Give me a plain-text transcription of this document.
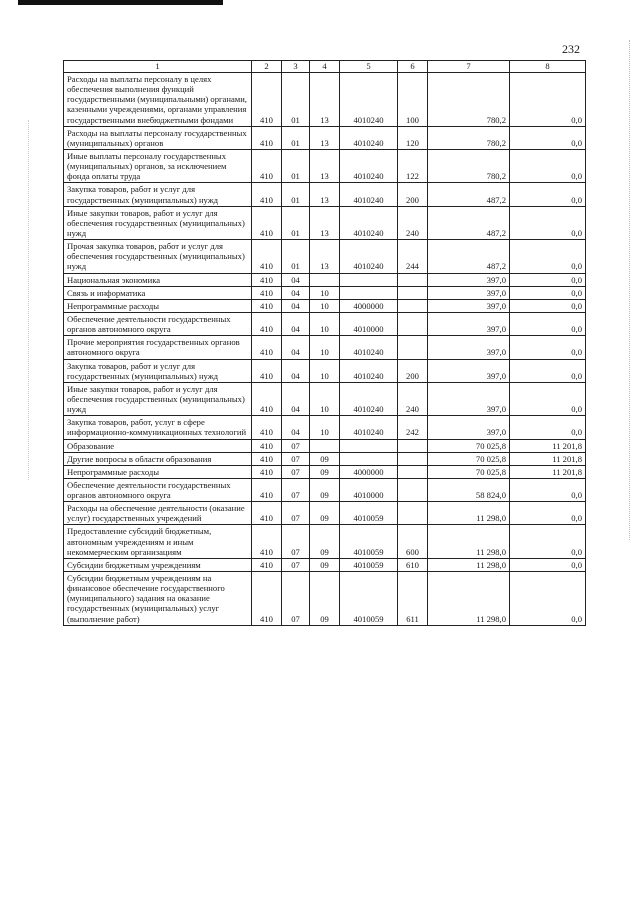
232
1	2	3	4	5	6	7	8
Расходы на выплаты персоналу в целях обеспечения выполнения функций государственными (муниципальными) органами, казенными учреждениями, органами управления государственными внебюджетными фондами	410	01	13	4010240	100	780,2	0,0
Расходы на выплаты персоналу государственных (муниципальных) органов	410	01	13	4010240	120	780,2	0,0
Иные выплаты персоналу государственных (муниципальных) органов, за исключением фонда оплаты труда	410	01	13	4010240	122	780,2	0,0
Закупка товаров, работ и услуг для государственных (муниципальных) нужд	410	01	13	4010240	200	487,2	0,0
Иные закупки товаров, работ и услуг для обеспечения государственных (муниципальных) нужд	410	01	13	4010240	240	487,2	0,0
Прочая закупка товаров, работ и услуг для обеспечения государственных (муниципальных) нужд	410	01	13	4010240	244	487,2	0,0
Национальная экономика	410	04				397,0	0,0
Связь и информатика	410	04	10			397,0	0,0
Непрограммные расходы	410	04	10	4000000		397,0	0,0
Обеспечение деятельности государственных органов автономного округа	410	04	10	4010000		397,0	0,0
Прочие мероприятия государственных органов автономного округа	410	04	10	4010240		397,0	0,0
Закупка товаров, работ и услуг для государственных (муниципальных) нужд	410	04	10	4010240	200	397,0	0,0
Иные закупки товаров, работ и услуг для обеспечения государственных (муниципальных) нужд	410	04	10	4010240	240	397,0	0,0
Закупка товаров, работ, услуг в сфере информационно-коммуникационных технологий	410	04	10	4010240	242	397,0	0,0
Образование	410	07				70 025,8	11 201,8
Другие вопросы в области образования	410	07	09			70 025,8	11 201,8
Непрограммные расходы	410	07	09	4000000		70 025,8	11 201,8
Обеспечение деятельности государственных органов автономного округа	410	07	09	4010000		58 824,0	0,0
Расходы на обеспечение деятельности (оказание услуг) государственных учреждений	410	07	09	4010059		11 298,0	0,0
Предоставление субсидий бюджетным, автономным учреждениям и иным некоммерческим организациям	410	07	09	4010059	600	11 298,0	0,0
Субсидии бюджетным учреждениям	410	07	09	4010059	610	11 298,0	0,0
Субсидии бюджетным учреждениям на финансовое обеспечение государственного (муниципального) задания на оказание государственных (муниципальных) услуг (выполнение работ)	410	07	09	4010059	611	11 298,0	0,0
